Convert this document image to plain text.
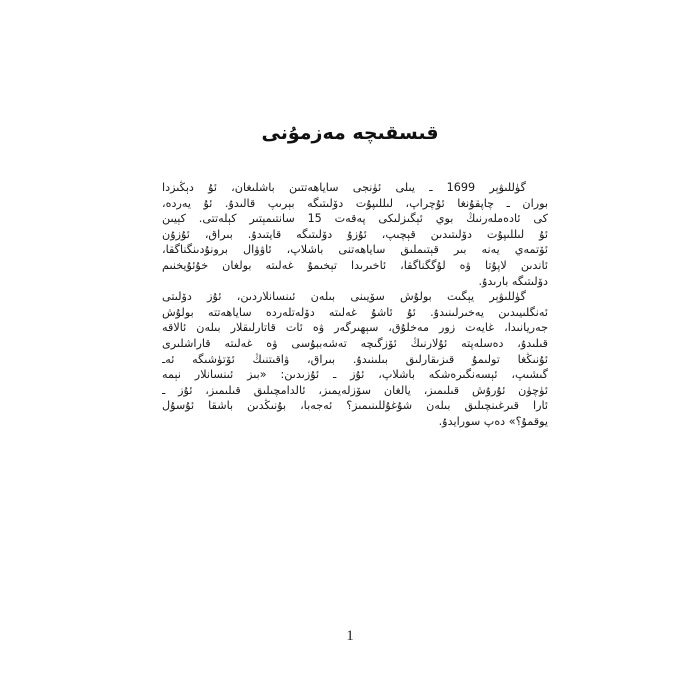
قىسقىچە مەزمۇنى
گۈللىۋېر 1699 ـ يىلى ئۈنجى ساياھەتتىن باشلىغان، ئۇ دېڭىزدا
بوران ـ چاپقۇنغا ئۇچراپ، لىللىپۇت دۆلىتىگە بېرىپ قالىدۇ. ئۇ يەردە،
كى ئادەملەرنىڭ بوي ئېگىزلىكى پەقەت 15 سانتىمېتىر كېلەتتى. كېيىن
ئۇ لىللىپۇت دۆلىتىدىن قېچىپ، ئۇزۇ دۆلىتىگە قايتىدۇ. بىراق، ئۇزۇن
ئۆتمەي يەنە بىر قېتىملىق ساياھەتنى باشلاپ، ئاۋۋال برونۇدىنگناگقا،
ئاندىن لاپۇتا ۋە لۇگگناگقا، ئاخىرىدا تېخىمۇ غەلىتە بولغان خۇئۇيخنىم
دۆلىتىگە بارىدۇ.
گۈللىۋېر يېگىت بولۇش سۆيىنى بىلەن ئىنسانلاردىن، ئۇز دۆلىتى
ئەنگلىيىدىن يەخىرلىنىدۇ. ئۇ ئاشۇ غەلىتە دۆلەتلەردە ساياھەتتە بولۇش
جەريانىدا، غايەت زور مەخلۇق، سېھىرگەر ۋە ئات قاتارلىقلار بىلەن ئالاقە
قىلىدۇ، دەسلەپتە ئۇلارنىڭ ئۆزگىچە تەشەببۇسى ۋە غەلىتە قاراشلىرى
ئۇنىڭغا تولىمۇ قىزىقارلىق بىلىنىدۇ. بىراق، ۋاقىتنىڭ ئۆتۈشىگە ئەـ
گىشىپ، ئېسەنگىرەشكە باشلاپ، ئۇز ـ ئۇزىدىن: «بىز ئىنسانلار نېمە
ئۈچۈن ئۇرۇش قىلىمىز، يالغان سۆزلەيمىز، ئالدامچىلىق قىلىمىز، ئۇز ـ
ئارا قىرغىنچىلىق بىلەن شۇغۇللىنىمىز؟ ئەجەبا، بۇنىڭدىن باشقا ئۇسۇل
يوقمۇ؟» دەپ سورايدۇ.
1
